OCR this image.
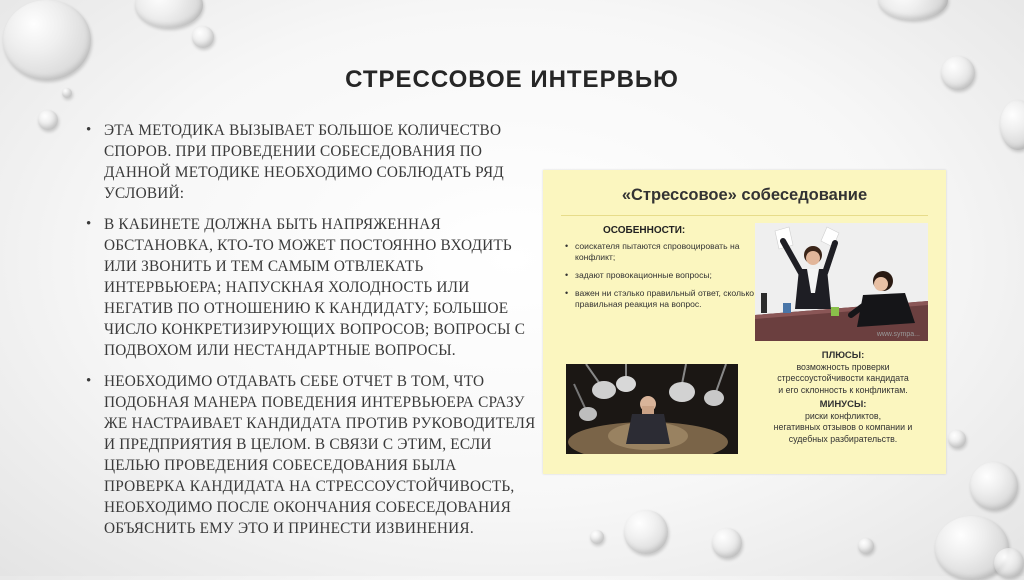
СТРЕССОВОЕ ИНТЕРВЬЮ
• ЭТА МЕТОДИКА ВЫЗЫВАЕТ БОЛЬШОЕ КОЛИЧЕСТВО СПОРОВ. ПРИ ПРОВЕДЕНИИ СОБЕСЕДОВАНИЯ ПО ДАННОЙ МЕТОДИКЕ НЕОБХОДИМО СОБЛЮДАТЬ РЯД УСЛОВИЙ:
• В КАБИНЕТЕ ДОЛЖНА БЫТЬ НАПРЯЖЕННАЯ ОБСТАНОВКА, КТО-ТО МОЖЕТ ПОСТОЯННО ВХОДИТЬ ИЛИ ЗВОНИТЬ И ТЕМ САМЫМ ОТВЛЕКАТЬ ИНТЕРВЬЮЕРА; НАПУСКНАЯ ХОЛОДНОСТЬ ИЛИ НЕГАТИВ ПО ОТНОШЕНИЮ К КАНДИДАТУ; БОЛЬШОЕ ЧИСЛО КОНКРЕТИЗИРУЮЩИХ ВОПРОСОВ; ВОПРОСЫ С ПОДВОХОМ ИЛИ НЕСТАНДАРТНЫЕ ВОПРОСЫ.
• НЕОБХОДИМО ОТДАВАТЬ СЕБЕ ОТЧЕТ В ТОМ, ЧТО ПОДОБНАЯ МАНЕРА ПОВЕДЕНИЯ ИНТЕРВЬЮЕРА СРАЗУ ЖЕ НАСТРАИВАЕТ КАНДИДАТА ПРОТИВ РУКОВОДИТЕЛЯ И ПРЕДПРИЯТИЯ В ЦЕЛОМ. В СВЯЗИ С ЭТИМ, ЕСЛИ ЦЕЛЬЮ ПРОВЕДЕНИЯ СОБЕСЕДОВАНИЯ БЫЛА ПРОВЕРКА КАНДИДАТА НА СТРЕССОУСТОЙЧИВОСТЬ, НЕОБХОДИМО ПОСЛЕ ОКОНЧАНИЯ СОБЕСЕДОВАНИЯ ОБЪЯСНИТЬ ЕМУ ЭТО И ПРИНЕСТИ ИЗВИНЕНИЯ.
«Стрессовое» собеседование
ОСОБЕННОСТИ:
• соискателя пытаются спровоцировать на конфликт;
• задают провокационные вопросы;
• важен ни стэлько правильный ответ, сколько правильная реакция на вопрос.
www.sympa...
ПЛЮСЫ:
возможность проверки
стрессоустойчивости кандидата
и его склонность к конфликтам.
МИНУСЫ:
риски конфликтов,
негативных отзывов о компании и
судебных разбирательств.
